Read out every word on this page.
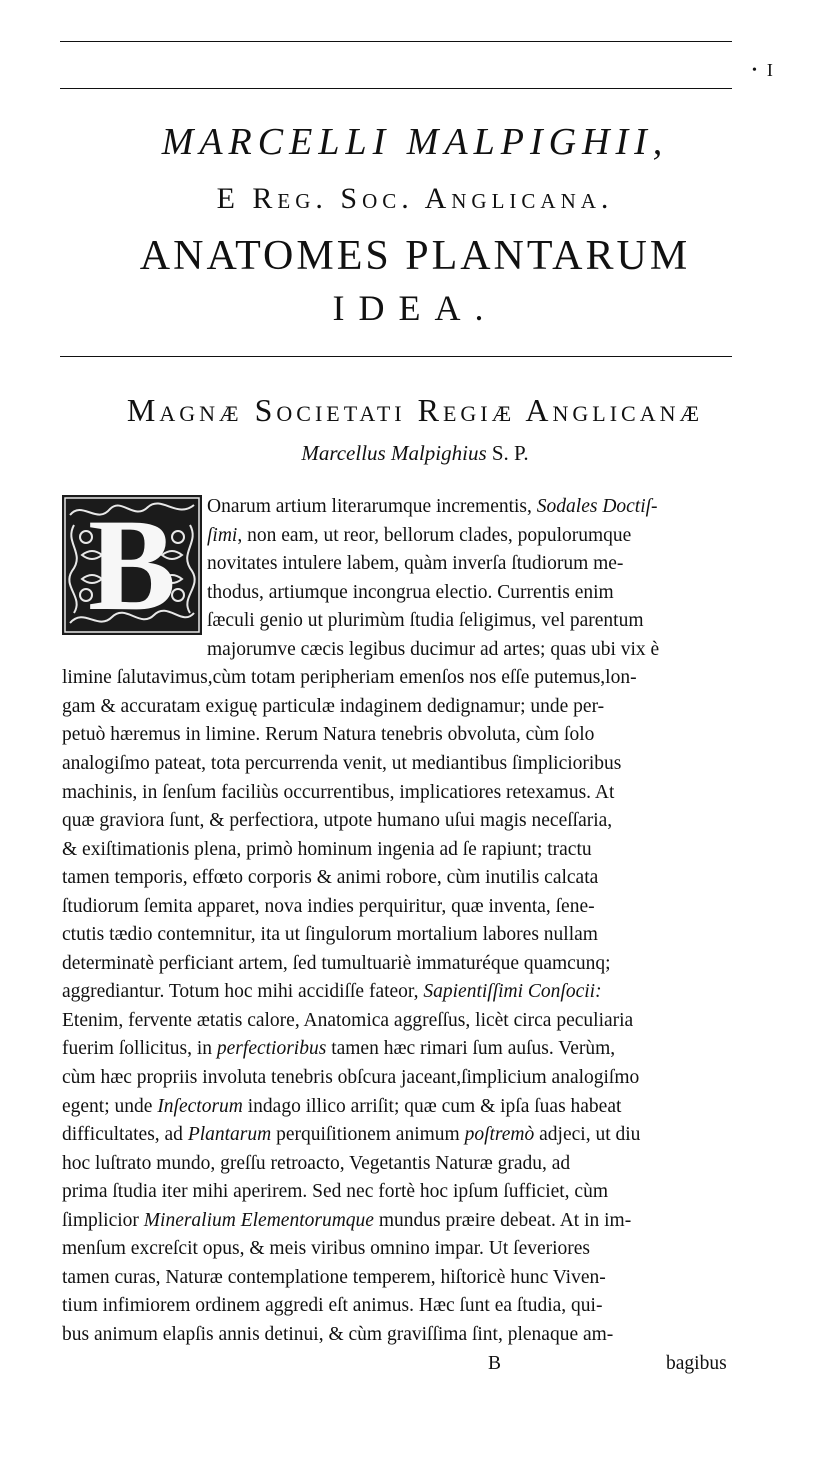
• I
MARCELLI MALPIGHII,
E Reg. Soc. Anglicana.
ANATOMES PLANTARUM
IDEA.
Magnæ Societati Regiæ Anglicanæ
Marcellus Malpighius S. P.
B	Onarum artium literarumque incrementis, Sodales Doctiſ-
ſimi, non eam, ut reor, bellorum clades, populorumque
novitates intulere labem, quàm inverſa ſtudiorum me-
thodus, artiumque incongrua electio. Currentis enim
ſæculi genio ut plurimùm ſtudia ſeligimus, vel parentum
majorumve cæcis legibus ducimur ad artes; quas ubi vix è
limine ſalutavimus,cùm totam peripheriam emenſos nos eſſe putemus,lon-
gam & accuratam exiguę particulæ indaginem dedignamur; unde per-
petuò hæremus in limine. Rerum Natura tenebris obvoluta, cùm ſolo
analogiſmo pateat, tota percurrenda venit, ut mediantibus ſimplicioribus
machinis, in ſenſum faciliùs occurrentibus, implicatiores retexamus. At
quæ graviora ſunt, & perfectiora, utpote humano uſui magis neceſſaria,
& exiſtimationis plena, primò hominum ingenia ad ſe rapiunt; tractu
tamen temporis, effœto corporis & animi robore, cùm inutilis calcata
ſtudiorum ſemita apparet, nova indies perquiritur, quæ inventa, ſene-
ctutis tædio contemnitur, ita ut ſingulorum mortalium labores nullam
determinatè perficiant artem, ſed tumultuariè immaturéque quamcunq;
aggrediantur. Totum hoc mihi accidiſſe fateor, Sapientiſſimi Conſocii:
Etenim, fervente ætatis calore, Anatomica aggreſſus, licèt circa peculiaria
fuerim ſollicitus, in perfectioribus tamen hæc rimari ſum auſus. Verùm,
cùm hæc propriis involuta tenebris obſcura jaceant,ſimplicium analogiſmo
egent; unde Inſectorum indago illico arriſit; quæ cum & ipſa ſuas habeat
difficultates, ad Plantarum perquiſitionem animum poſtremò adjeci, ut diu
hoc luſtrato mundo, greſſu retroacto, Vegetantis Naturæ gradu, ad
prima ſtudia iter mihi aperirem. Sed nec fortè hoc ipſum ſufficiet, cùm
ſimplicior Mineralium Elementorumque mundus præire debeat. At in im-
menſum excreſcit opus, & meis viribus omnino impar. Ut ſeveriores
tamen curas, Naturæ contemplatione temperem, hiſtoricè hunc Viven-
tium infimiorem ordinem aggredi eſt animus. Hæc ſunt ea ſtudia, qui-
bus animum elapſis annis detinui, & cùm graviſſima ſint, plenaque am-
B	bagibus
